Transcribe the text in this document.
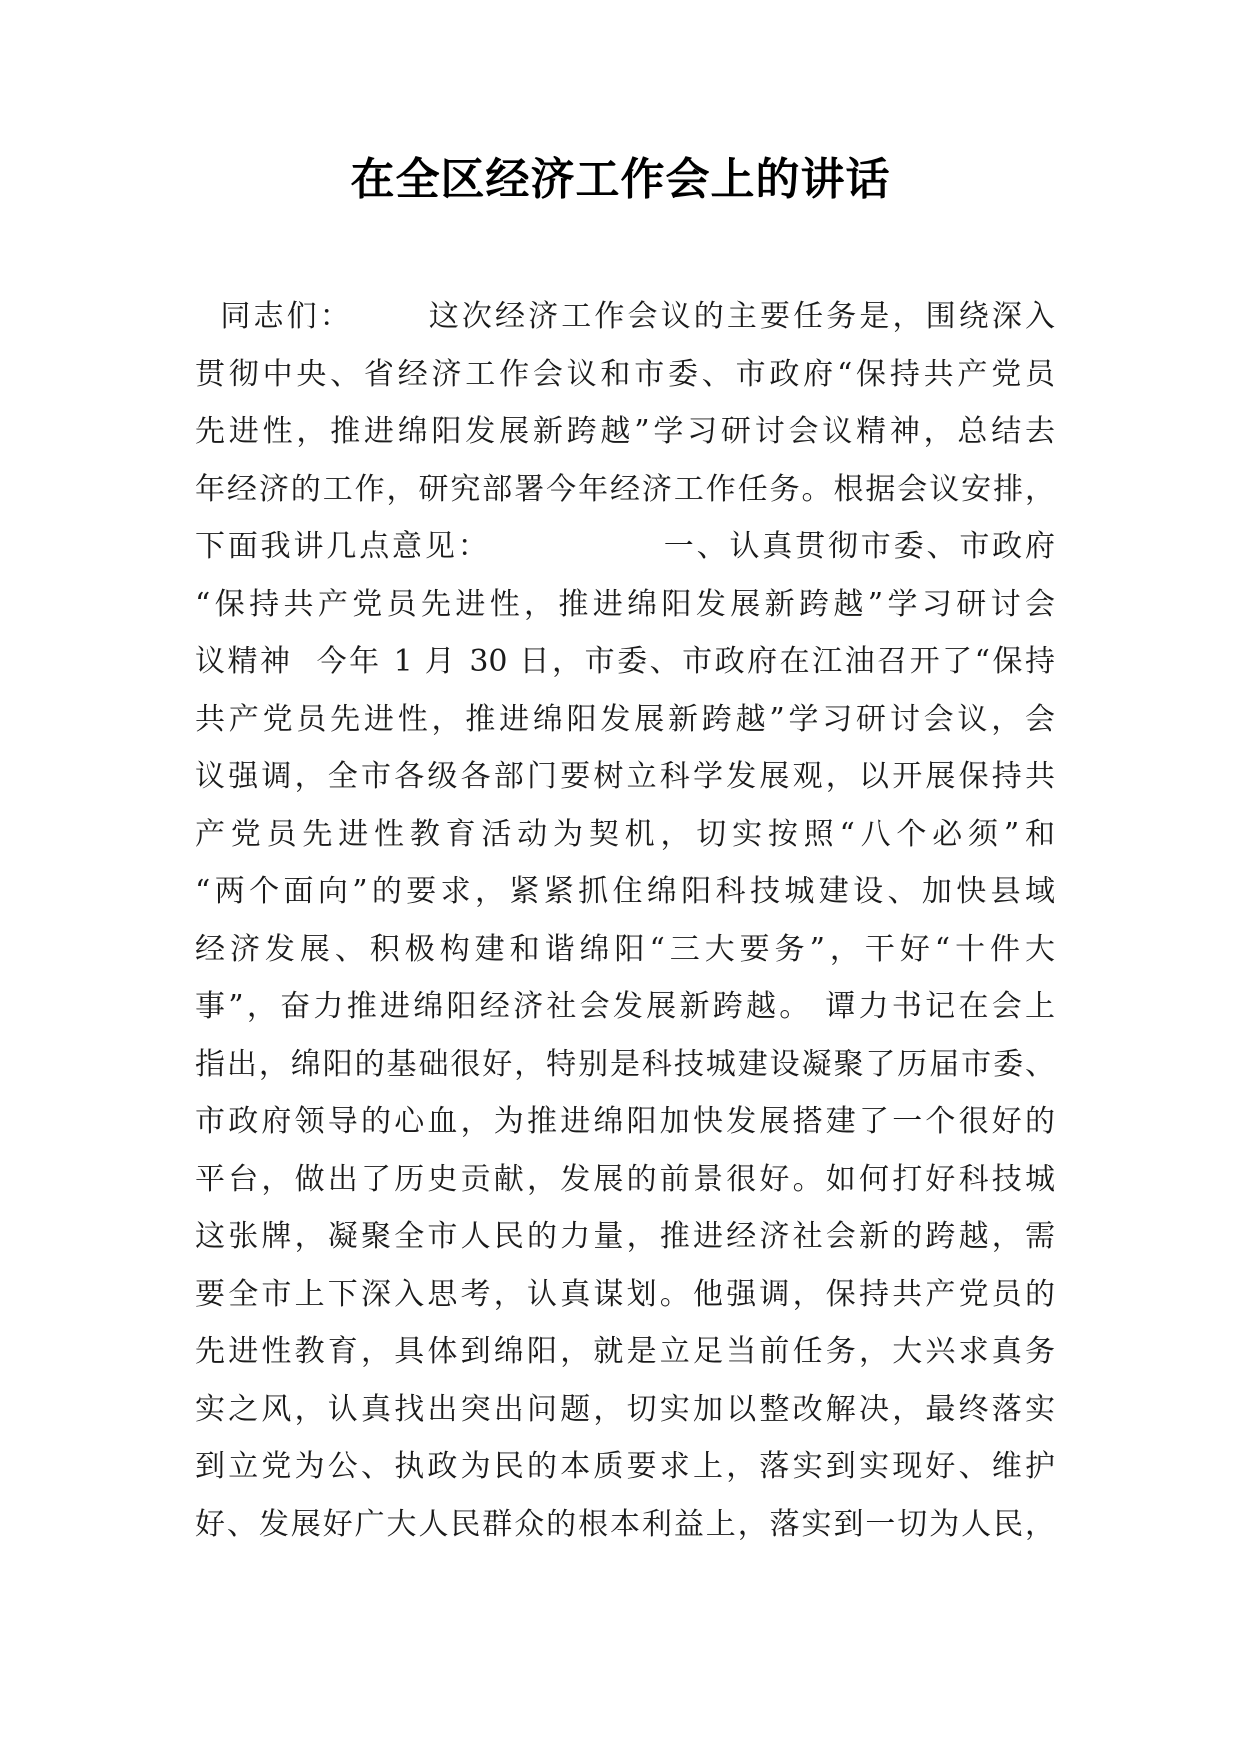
在全区经济工作会上的讲话
同志们：      这次经济工作会议的主要任务是，围绕深入
贯彻中央、省经济工作会议和市委、市政府“保持共产党员
先进性，推进绵阳发展新跨越”学习研讨会议精神，总结去
年经济的工作，研究部署今年经济工作任务。根据会议安排，
下面我讲几点意见：              一、认真贯彻市委、市政府
“保持共产党员先进性，推进绵阳发展新跨越”学习研讨会
议精神  今年 1 月 30 日，市委、市政府在江油召开了“保持
共产党员先进性，推进绵阳发展新跨越”学习研讨会议，会
议强调，全市各级各部门要树立科学发展观，以开展保持共
产党员先进性教育活动为契机，切实按照“八个必须”和
“两个面向”的要求，紧紧抓住绵阳科技城建设、加快县域
经济发展、积极构建和谐绵阳“三大要务”，干好“十件大
事”，奋力推进绵阳经济社会发展新跨越。 谭力书记在会上
指出，绵阳的基础很好，特别是科技城建设凝聚了历届市委、
市政府领导的心血，为推进绵阳加快发展搭建了一个很好的
平台，做出了历史贡献，发展的前景很好。如何打好科技城
这张牌，凝聚全市人民的力量，推进经济社会新的跨越，需
要全市上下深入思考，认真谋划。他强调，保持共产党员的
先进性教育，具体到绵阳，就是立足当前任务，大兴求真务
实之风，认真找出突出问题，切实加以整改解决，最终落实
到立党为公、执政为民的本质要求上，落实到实现好、维护
好、发展好广大人民群众的根本利益上，落实到一切为人民，
